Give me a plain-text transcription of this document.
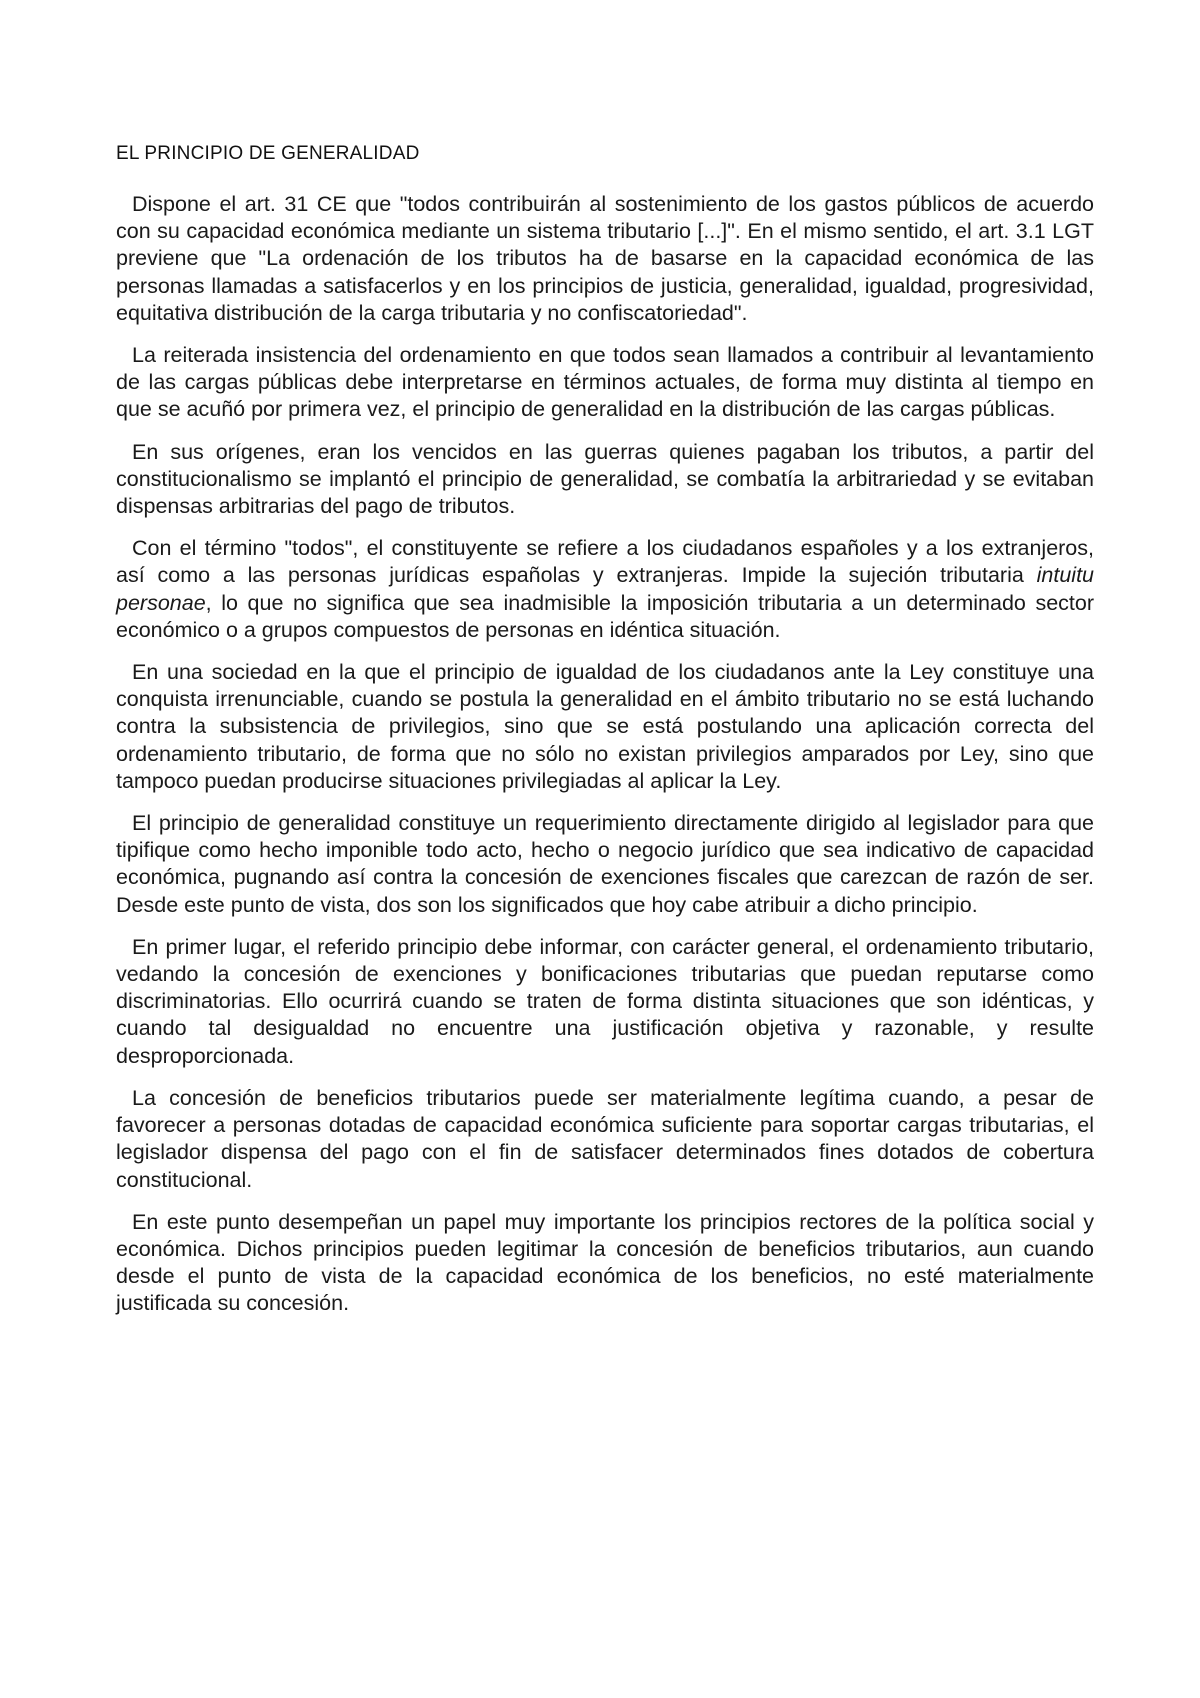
EL PRINCIPIO DE GENERALIDAD

Dispone el art. 31 CE que "todos contribuirán al sostenimiento de los gastos públicos de acuerdo con su capacidad económica mediante un sistema tributario [...]". En el mismo sentido, el art. 3.1 LGT previene que "La ordenación de los tributos ha de basarse en la capacidad económica de las personas llamadas a satisfacerlos y en los principios de justicia, generalidad, igualdad, progresividad, equitativa distribución de la carga tributaria y no confiscatoriedad".

La reiterada insistencia del ordenamiento en que todos sean llamados a contribuir al levantamiento de las cargas públicas debe interpretarse en términos actuales, de forma muy distinta al tiempo en que se acuñó por primera vez, el principio de generalidad en la distribución de las cargas públicas.

En sus orígenes, eran los vencidos en las guerras quienes pagaban los tributos, a partir del constitucionalismo se implantó el principio de generalidad, se combatía la arbitrariedad y se evitaban dispensas arbitrarias del pago de tributos.

Con el término "todos", el constituyente se refiere a los ciudadanos españoles y a los extranjeros, así como a las personas jurídicas españolas y extranjeras. Impide la sujeción tributaria intuitu personae, lo que no significa que sea inadmisible la imposición tributaria a un determinado sector económico o a grupos compuestos de personas en idéntica situación.

En una sociedad en la que el principio de igualdad de los ciudadanos ante la Ley constituye una conquista irrenunciable, cuando se postula la generalidad en el ámbito tributario no se está luchando contra la subsistencia de privilegios, sino que se está postulando una aplicación correcta del ordenamiento tributario, de forma que no sólo no existan privilegios amparados por Ley, sino que tampoco puedan producirse situaciones privilegiadas al aplicar la Ley.

El principio de generalidad constituye un requerimiento directamente dirigido al legislador para que tipifique como hecho imponible todo acto, hecho o negocio jurídico que sea indicativo de capacidad económica, pugnando así contra la concesión de exenciones fiscales que carezcan de razón de ser. Desde este punto de vista, dos son los significados que hoy cabe atribuir a dicho principio.

En primer lugar, el referido principio debe informar, con carácter general, el ordenamiento tributario, vedando la concesión de exenciones y bonificaciones tributarias que puedan reputarse como discriminatorias. Ello ocurrirá cuando se traten de forma distinta situaciones que son idénticas, y cuando tal desigualdad no encuentre una justificación objetiva y razonable, y resulte desproporcionada.

La concesión de beneficios tributarios puede ser materialmente legítima cuando, a pesar de favorecer a personas dotadas de capacidad económica suficiente para soportar cargas tributarias, el legislador dispensa del pago con el fin de satisfacer determinados fines dotados de cobertura constitucional.

En este punto desempeñan un papel muy importante los principios rectores de la política social y económica. Dichos principios pueden legitimar la concesión de beneficios tributarios, aun cuando desde el punto de vista de la capacidad económica de los beneficios, no esté materialmente justificada su concesión.
